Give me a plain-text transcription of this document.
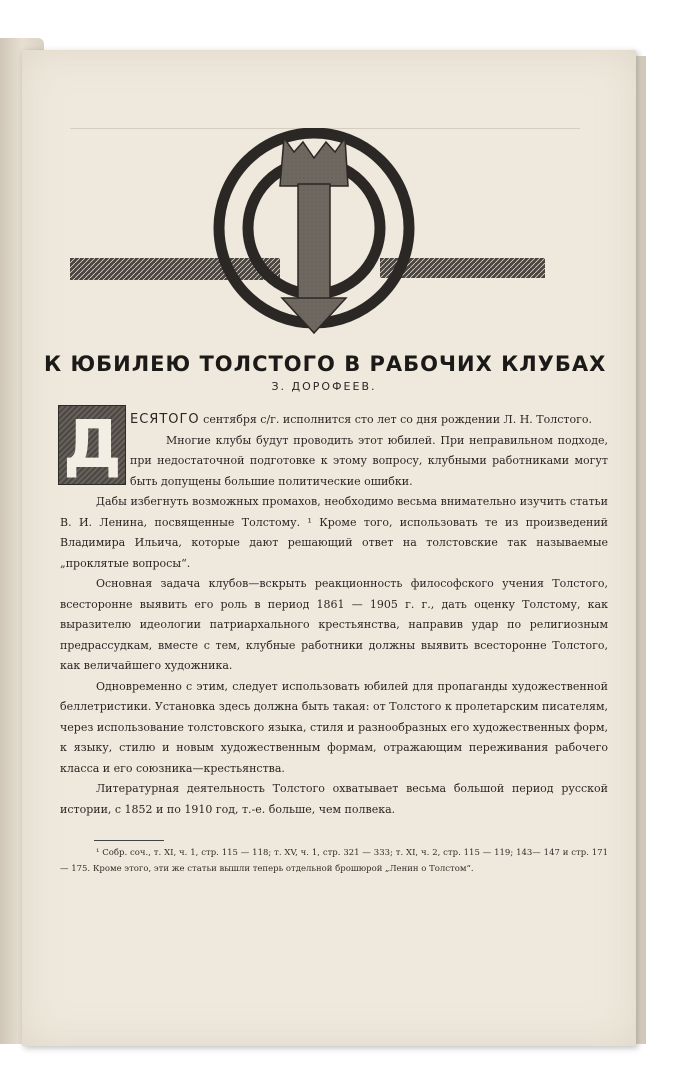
К ЮБИЛЕЮ ТОЛСТОГО В РАБОЧИХ КЛУБАХ
З. ДОРОФЕЕВ.
Д ЕСЯТОГО сентября с/г. исполнится сто лет со дня рождении Л. Н. Толстого.

Многие клубы будут проводить этот юбилей. При неправильном подходе, при недостаточной подготовке к этому вопросу, клубными работниками могут быть допущены большие политические ошибки.

Дабы избегнуть возможных промахов, необходимо весьма внимательно изучить статьи В. И. Ленина, посвященные Толстому. ¹ Кроме того, использовать те из произведений Владимира Ильича, которые дают решающий ответ на толстовские так называемые „проклятые вопросы“.

Основная задача клубов—вскрыть реакционность философского учения Толстого, всесторонне выявить его роль в период 1861 — 1905 г. г., дать оценку Толстому, как выразителю идеологии патриархального крестьянства, направив удар по религиозным предрассудкам, вместе с тем, клубные работники должны выявить всесторонне Толстого, как величайшего художника.

Одновременно с этим, следует использовать юбилей для пропаганды художественной беллетристики. Установка здесь должна быть такая: от Толстого к пролетарским писателям, через использование толстовского языка, стиля и разнообразных его художественных форм, к языку, стилю и новым художественным формам, отражающим переживания рабочего класса и его союзника—крестьянства.

Литературная деятельность Толстого охватывает весьма большой период русской истории, с 1852 и по 1910 год, т.-е. больше, чем полвека.

¹ Собр. соч., т. XI, ч. 1, стр. 115 — 118; т. XV, ч. 1, стр. 321 — 333; т. XI, ч. 2, стр. 115 — 119; 143— 147 и стр. 171 — 175. Кроме этого, эти же статьи вышли теперь отдельной брошюрой „Ленин о Толстом“.
